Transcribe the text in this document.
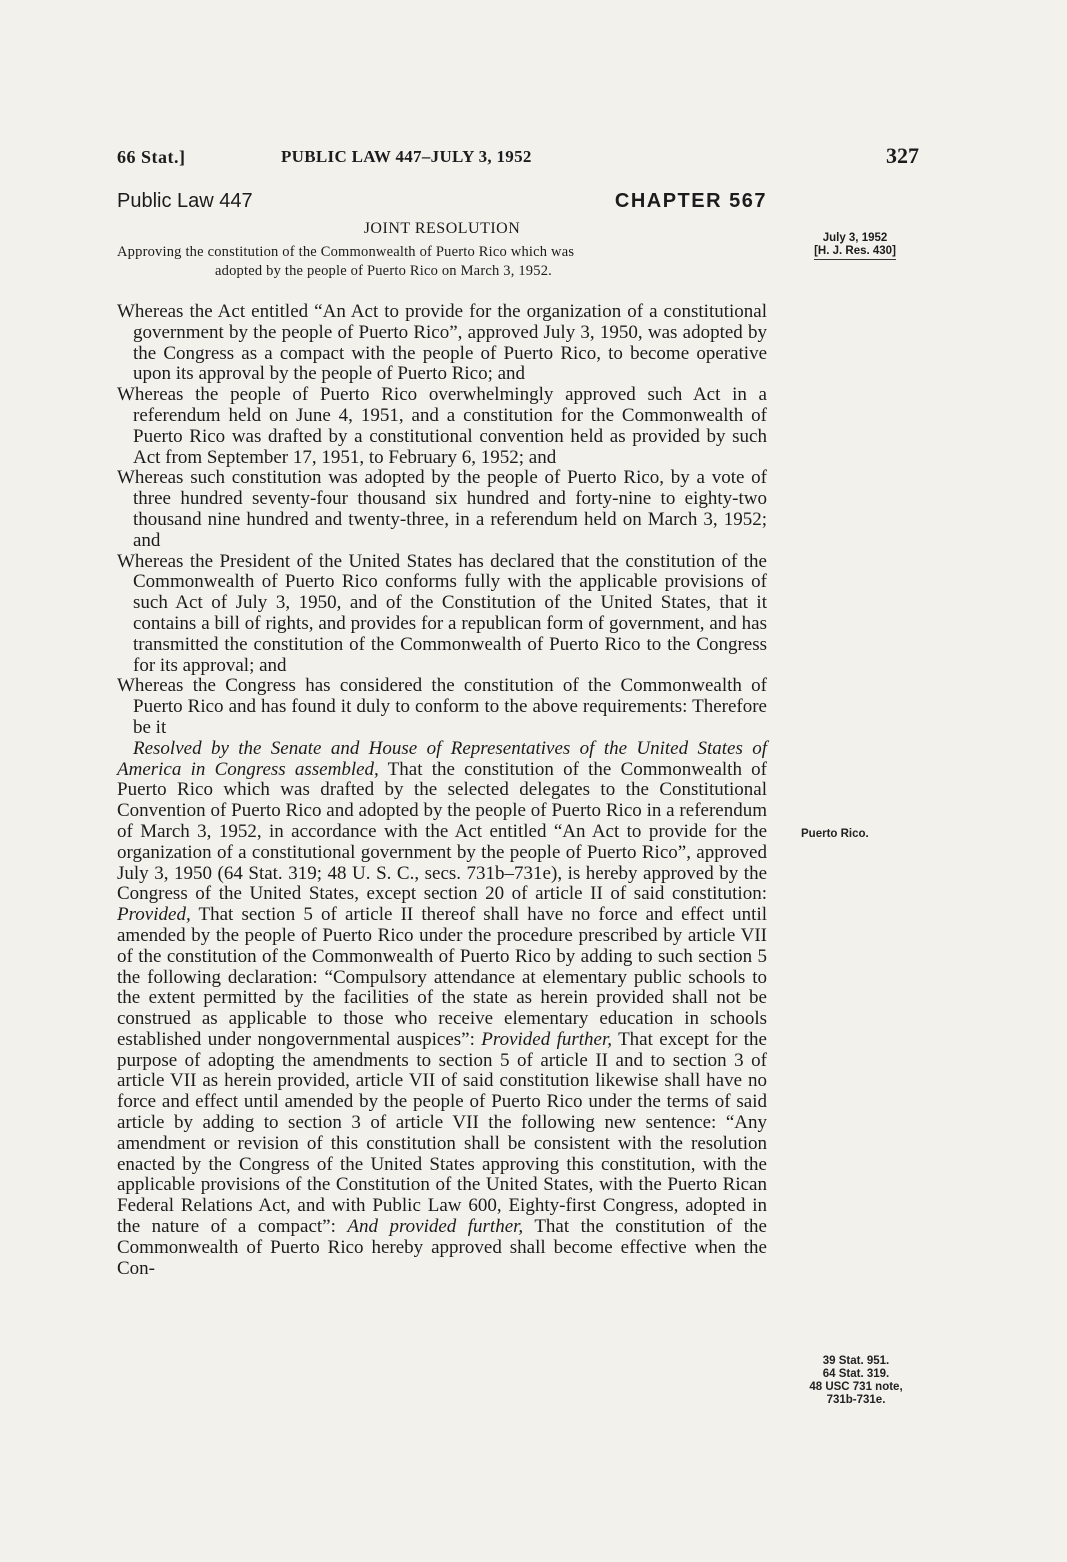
66 Stat.]	PUBLIC LAW 447–JULY 3, 1952	327
Public Law 447	CHAPTER 567
JOINT RESOLUTION
Approving the constitution of the Commonwealth of Puerto Rico which was
adopted by the people of Puerto Rico on March 3, 1952.
July 3, 1952
[H. J. Res. 430]

Whereas the Act entitled “An Act to provide for the organization of a constitutional government by the people of Puerto Rico”, approved July 3, 1950, was adopted by the Congress as a compact with the people of Puerto Rico, to become operative upon its approval by the people of Puerto Rico; and

Whereas the people of Puerto Rico overwhelmingly approved such Act in a referendum held on June 4, 1951, and a constitution for the Commonwealth of Puerto Rico was drafted by a constitutional convention held as provided by such Act from September 17, 1951, to February 6, 1952; and

Whereas such constitution was adopted by the people of Puerto Rico, by a vote of three hundred seventy-four thousand six hundred and forty-nine to eighty-two thousand nine hundred and twenty-three, in a referendum held on March 3, 1952; and

Whereas the President of the United States has declared that the constitution of the Commonwealth of Puerto Rico conforms fully with the applicable provisions of such Act of July 3, 1950, and of the Constitution of the United States, that it contains a bill of rights, and provides for a republican form of government, and has transmitted the constitution of the Commonwealth of Puerto Rico to the Congress for its approval; and

Whereas the Congress has considered the constitution of the Commonwealth of Puerto Rico and has found it duly to conform to the above requirements: Therefore be it

Resolved by the Senate and House of Representatives of the United States of America in Congress assembled, That the constitution of the Commonwealth of Puerto Rico which was drafted by the selected delegates to the Constitutional Convention of Puerto Rico and adopted by the people of Puerto Rico in a referendum of March 3, 1952, in accordance with the Act entitled “An Act to provide for the organization of a constitutional government by the people of Puerto Rico”, approved July 3, 1950 (64 Stat. 319; 48 U. S. C., secs. 731b–731e), is hereby approved by the Congress of the United States, except section 20 of article II of said constitution: Provided, That section 5 of article II thereof shall have no force and effect until amended by the people of Puerto Rico under the procedure prescribed by article VII of the constitution of the Commonwealth of Puerto Rico by adding to such section 5 the following declaration: “Compulsory attendance at elementary public schools to the extent permitted by the facilities of the state as herein provided shall not be construed as applicable to those who receive elementary education in schools established under nongovernmental auspices”: Provided further, That except for the purpose of adopting the amendments to section 5 of article II and to section 3 of article VII as herein provided, article VII of said constitution likewise shall have no force and effect until amended by the people of Puerto Rico under the terms of said article by adding to section 3 of article VII the following new sentence: “Any amendment or revision of this constitution shall be consistent with the resolution enacted by the Congress of the United States approving this constitution, with the applicable provisions of the Constitution of the United States, with the Puerto Rican Federal Relations Act, and with Public Law 600, Eighty-first Congress, adopted in the nature of a compact”: And provided further, That the constitution of the Commonwealth of Puerto Rico hereby approved shall become effective when the Con-

Puerto Rico.
39 Stat. 951.
64 Stat. 319.
48 USC 731 note,
731b-731e.
